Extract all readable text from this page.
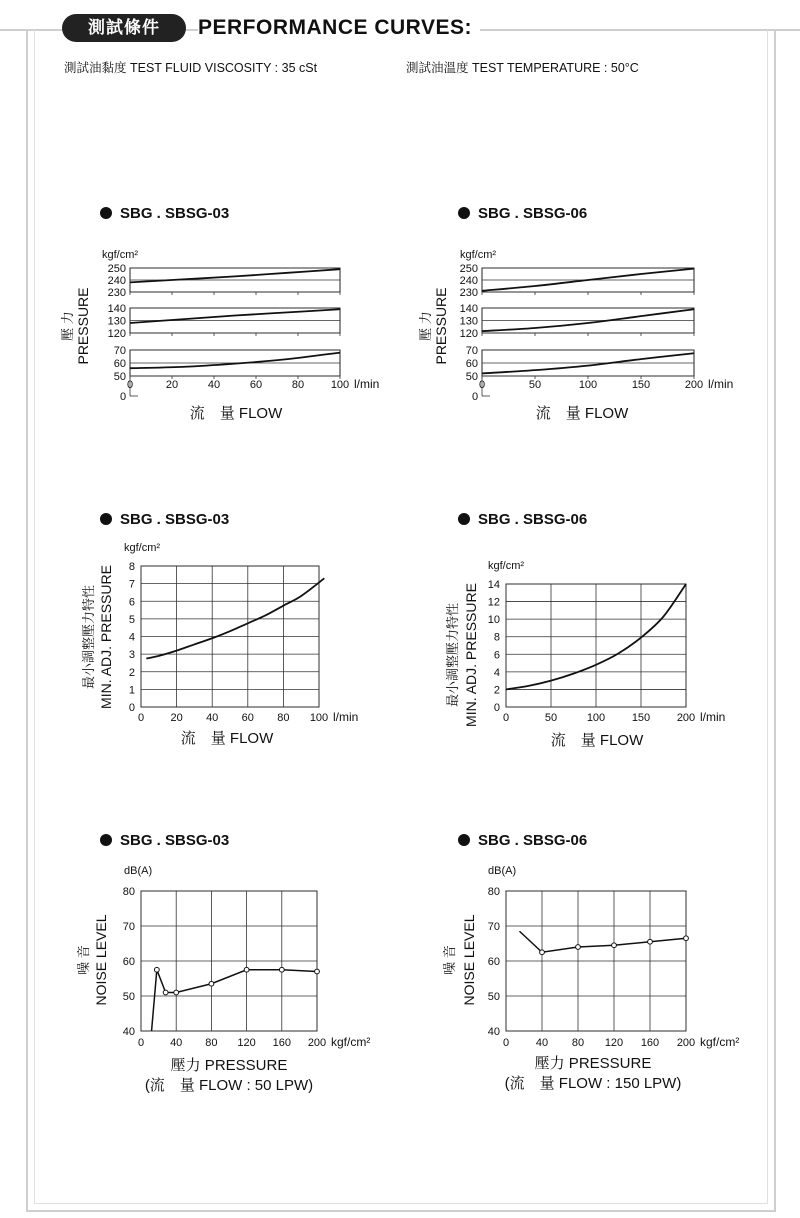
測試條件	PERFORMANCE CURVES:
測試油黏度 TEST FLUID VISCOSITY : 35 cSt	測試油溫度 TEST TEMPERATURE : 50°C
kgf/cm²
壓 力 PRESSURE
250
240
230
140
130
120
70
60
50
0
0	20	40	60	80 100 l/min
流　量 FLOW
SBG . SBSG-03
kgf/cm²
壓 力 PRESSURE
250
240
230
140
130
120
70
60
50
0
0	50	100	150	200 l/min
流　量 FLOW
SBG . SBSG-06
kgf/cm²
最小調整壓力特性 MIN. ADJ. PRESSURE 0
1
2
3
4
5
6
7
8
0 20 40 60 80 100 l/min
流　量 FLOW
SBG . SBSG-03
kgf/cm²
最小調整壓力特性 MIN. ADJ. PRESSURE 0
2
4
6
8
10
12
14
0	50	100 150 200 l/min
流　量 FLOW
SBG . SBSG-06
dB(A)
噪 音 NOISE LEVEL
40
50
60
70
80
0 40 80 120 160 200 kgf/cm²
壓力 PRESSURE
(流　量 FLOW : 50 LPW)
SBG . SBSG-03
dB(A)
噪 音 NOISE LEVEL
40
50
60
70
80
0 40 80 120 160 200 kgf/cm²
壓力 PRESSURE
(流　量 FLOW : 150 LPW)
SBG . SBSG-06
